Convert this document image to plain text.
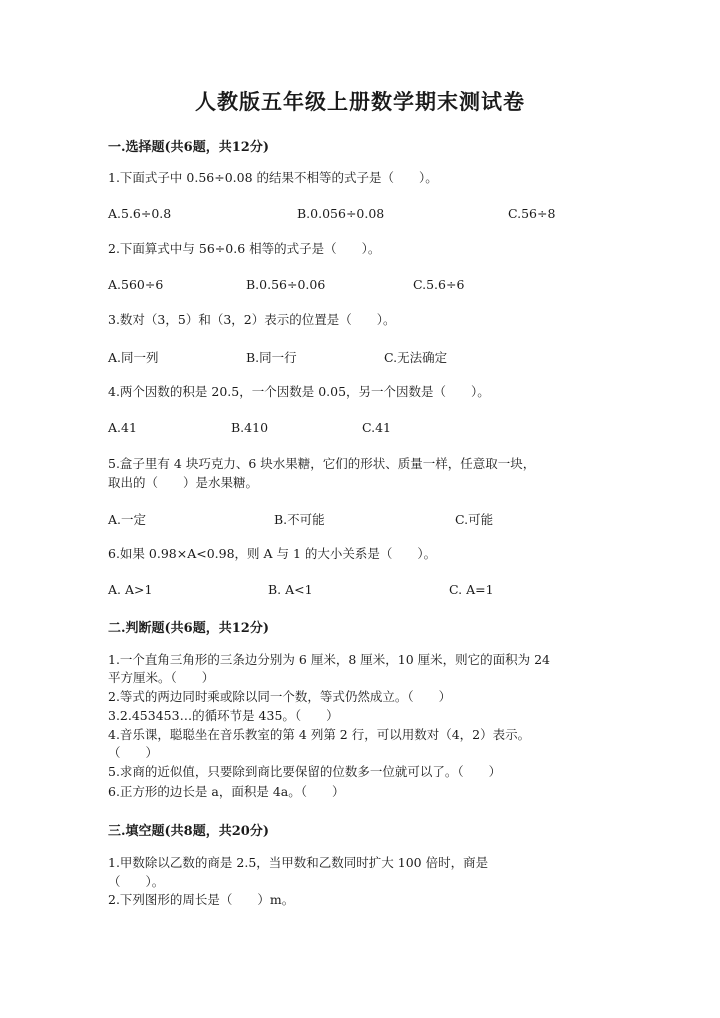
人教版五年级上册数学期末测试卷
一.选择题(共6题，共12分)
1.下面式子中 0.56÷0.08 的结果不相等的式子是（　　）。
A.5.6÷0.8	B.0.056÷0.08	C.56÷8
2.下面算式中与 56÷0.6 相等的式子是（　　）。
A.560÷6	B.0.56÷0.06	C.5.6÷6
3.数对（3，5）和（3，2）表示的位置是（　　）。
A.同一列	B.同一行	C.无法确定
4.两个因数的积是 20.5，一个因数是 0.05，另一个因数是（　　）。
A.41	B.410	C.41
5.盒子里有 4 块巧克力、6 块水果糖，它们的形状、质量一样，任意取一块，
取出的（　　）是水果糖。
A.一定	B.不可能	C.可能
6.如果 0.98×A<0.98，则 A 与 1 的大小关系是（　　）。
A. A>1	B. A<1	C. A=1
二.判断题(共6题，共12分)
1.一个直角三角形的三条边分别为 6 厘米，8 厘米，10 厘米，则它的面积为 24
平方厘米。（　　）
2.等式的两边同时乘或除以同一个数，等式仍然成立。（　　）
3.2.453453…的循环节是 435。（　　）
4.音乐课，聪聪坐在音乐教室的第 4 列第 2 行，可以用数对（4，2）表示。
（　　）
5.求商的近似值，只要除到商比要保留的位数多一位就可以了。（　　）
6.正方形的边长是 a，面积是 4a。（　　）
三.填空题(共8题，共20分)
1.甲数除以乙数的商是 2.5，当甲数和乙数同时扩大 100 倍时，商是
（　　）。
2.下列图形的周长是（　　）m。
